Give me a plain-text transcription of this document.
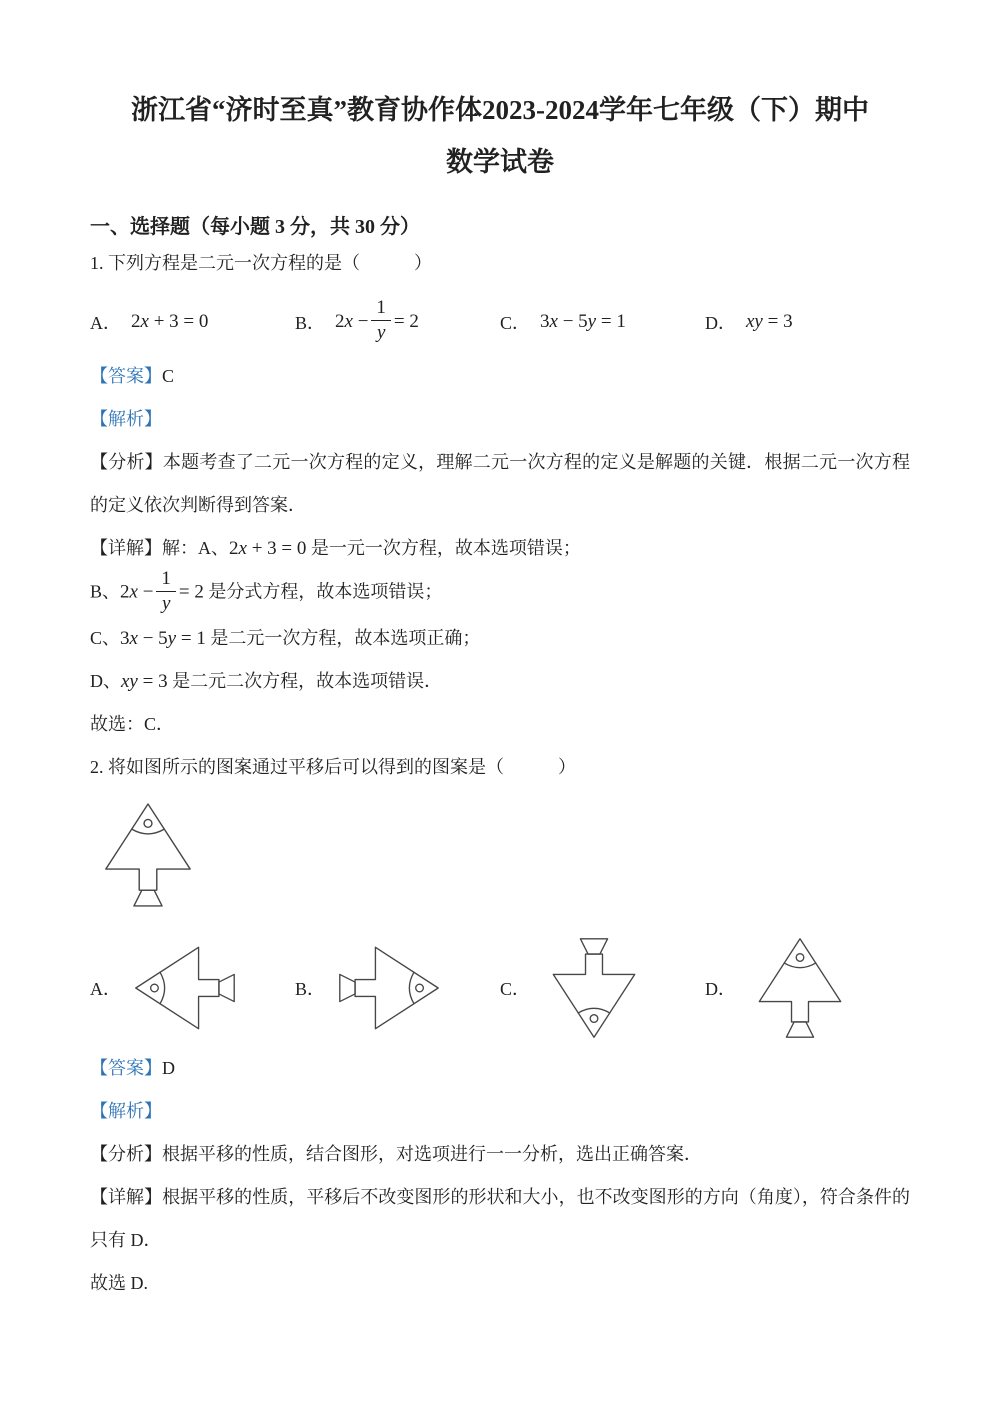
浙江省“济时至真”教育协作体2023-2024学年七年级（下）期中
数学试卷
一、选择题（每小题 3 分，共 30 分）

1. 下列方程是二元一次方程的是（　　　）

A． 2x + 3 = 0	B． $2x - \frac{1}{y} = 2$	C． 3x − 5y = 1	D． xy = 3

【答案】C

【解析】

【分析】本题考查了二元一次方程的定义，理解二元一次方程的定义是解题的关键．根据二元一次方程的定义依次判断得到答案．

【详解】解：A、2x + 3 = 0 是一元一次方程，故本选项错误；

B、$2x - \frac{1}{y} = 2$ 是分式方程，故本选项错误；

C、3x − 5y = 1 是二元一次方程，故本选项正确；

D、xy = 3 是二元二次方程，故本选项错误．

故选：C．

2. 将如图所示的图案通过平移后可以得到的图案是（　　　）

A．	B．	C．	D．

【答案】D

【解析】

【分析】根据平移的性质，结合图形，对选项进行一一分析，选出正确答案．

【详解】根据平移的性质，平移后不改变图形的形状和大小，也不改变图形的方向（角度），符合条件的只有 D．

故选 D.
